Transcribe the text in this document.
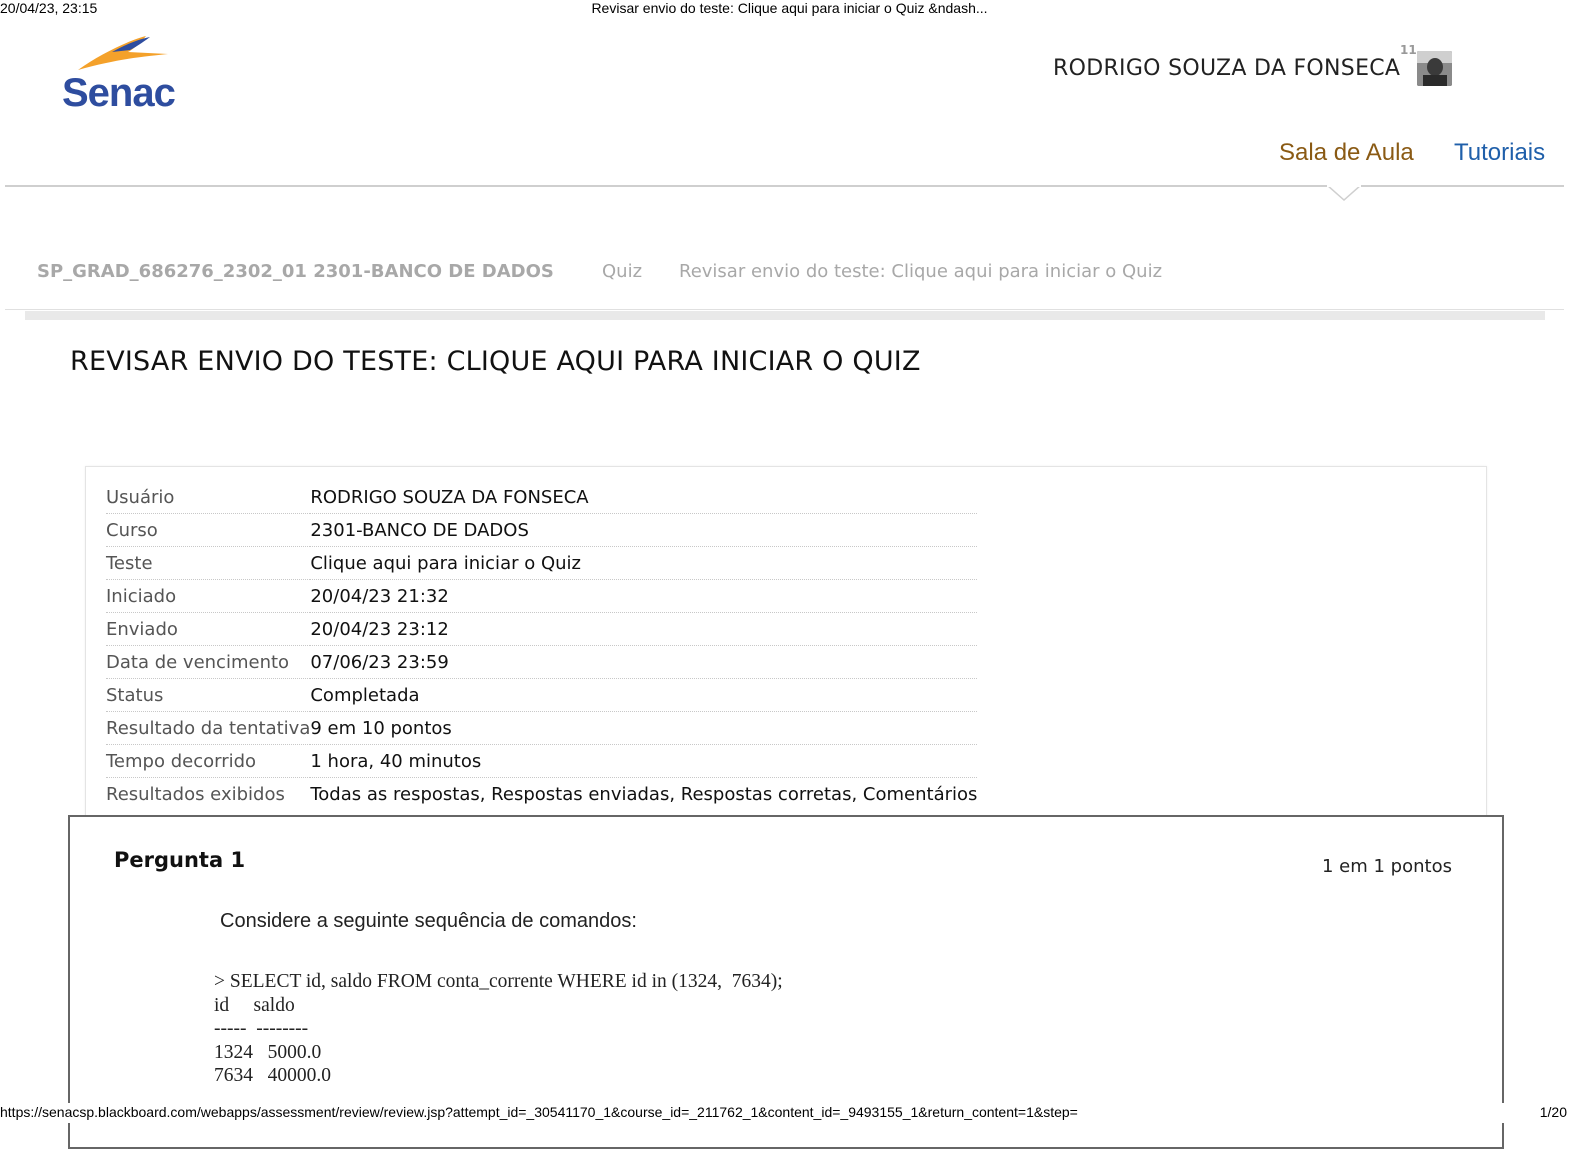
20/04/23, 23:15	Revisar envio do teste: Clique aqui para iniciar o Quiz &ndash...
Senac
RODRIGO SOUZA DA FONSECA
11
Sala de Aula Tutoriais
SP_GRAD_686276_2302_01 2301-BANCO DE DADOS	Quiz Revisar envio do teste: Clique aqui para iniciar o Quiz
REVISAR ENVIO DO TESTE: CLIQUE AQUI PARA INICIAR O QUIZ
Usuário	RODRIGO SOUZA DA FONSECA
Curso	2301-BANCO DE DADOS
Teste	Clique aqui para iniciar o Quiz
Iniciado	20/04/23 21:32
Enviado	20/04/23 23:12
Data de vencimento	07/06/23 23:59
Status	Completada
Resultado da tentativa	9 em 10 pontos
Tempo decorrido	1 hora, 40 minutos
Resultados exibidos	Todas as respostas, Respostas enviadas, Respostas corretas, Comentários
Pergunta 1	1 em 1 pontos
Considere a seguinte sequência de comandos:
> SELECT id, saldo FROM conta_corrente WHERE id in (1324,  7634);
id     saldo
-----  --------
1324   5000.0
7634   40000.0
https://senacsp.blackboard.com/webapps/assessment/review/review.jsp?attempt_id=_30541170_1&course_id=_211762_1&content_id=_9493155_1&return_content=1&step=	1/20
